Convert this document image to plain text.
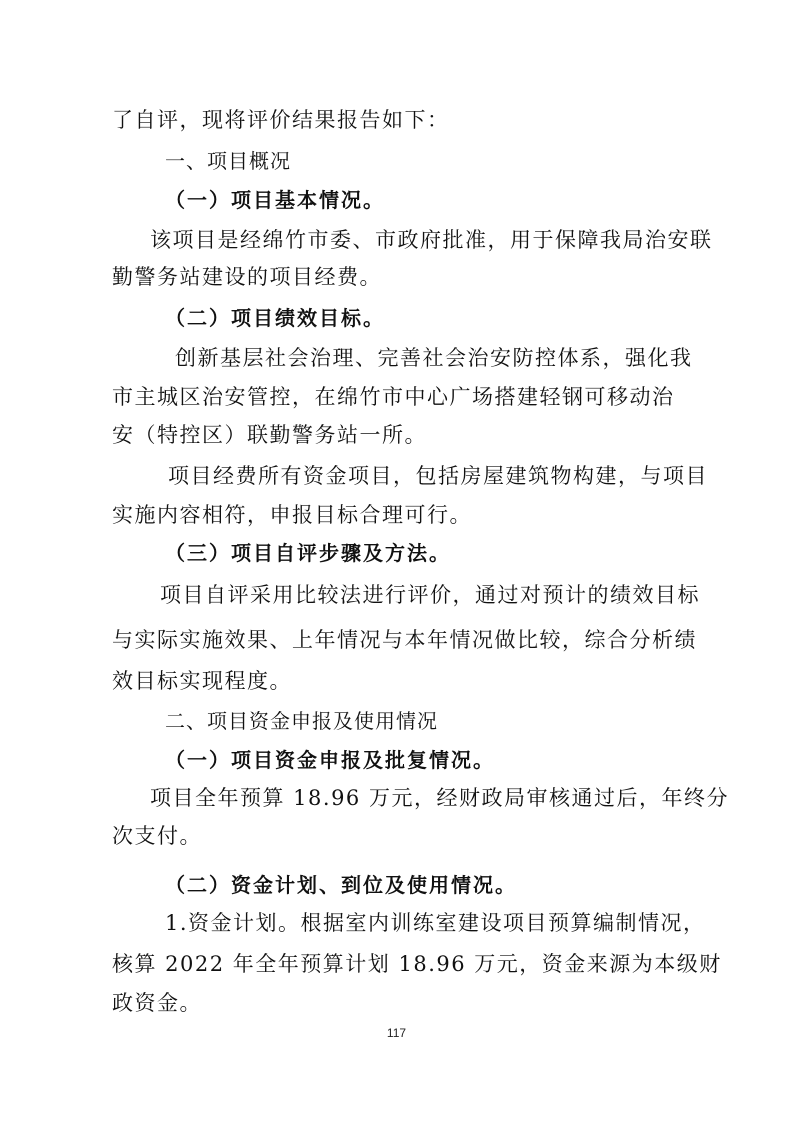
了自评，现将评价结果报告如下：
一、项目概况
（一）项目基本情况。
该项目是经绵竹市委、市政府批准，用于保障我局治安联
勤警务站建设的项目经费。
（二）项目绩效目标。
创新基层社会治理、完善社会治安防控体系，强化我
市主城区治安管控，在绵竹市中心广场搭建轻钢可移动治
安（特控区）联勤警务站一所。
项目经费所有资金项目，包括房屋建筑物构建，与项目
实施内容相符，申报目标合理可行。
（三）项目自评步骤及方法。
项目自评采用比较法进行评价，通过对预计的绩效目标
与实际实施效果、上年情况与本年情况做比较，综合分析绩
效目标实现程度。
二、项目资金申报及使用情况
（一）项目资金申报及批复情况。
项目全年预算 18.96 万元，经财政局审核通过后，年终分
次支付。
（二）资金计划、到位及使用情况。
1.资金计划。根据室内训练室建设项目预算编制情况，
核算 2022 年全年预算计划 18.96 万元，资金来源为本级财
政资金。
117
